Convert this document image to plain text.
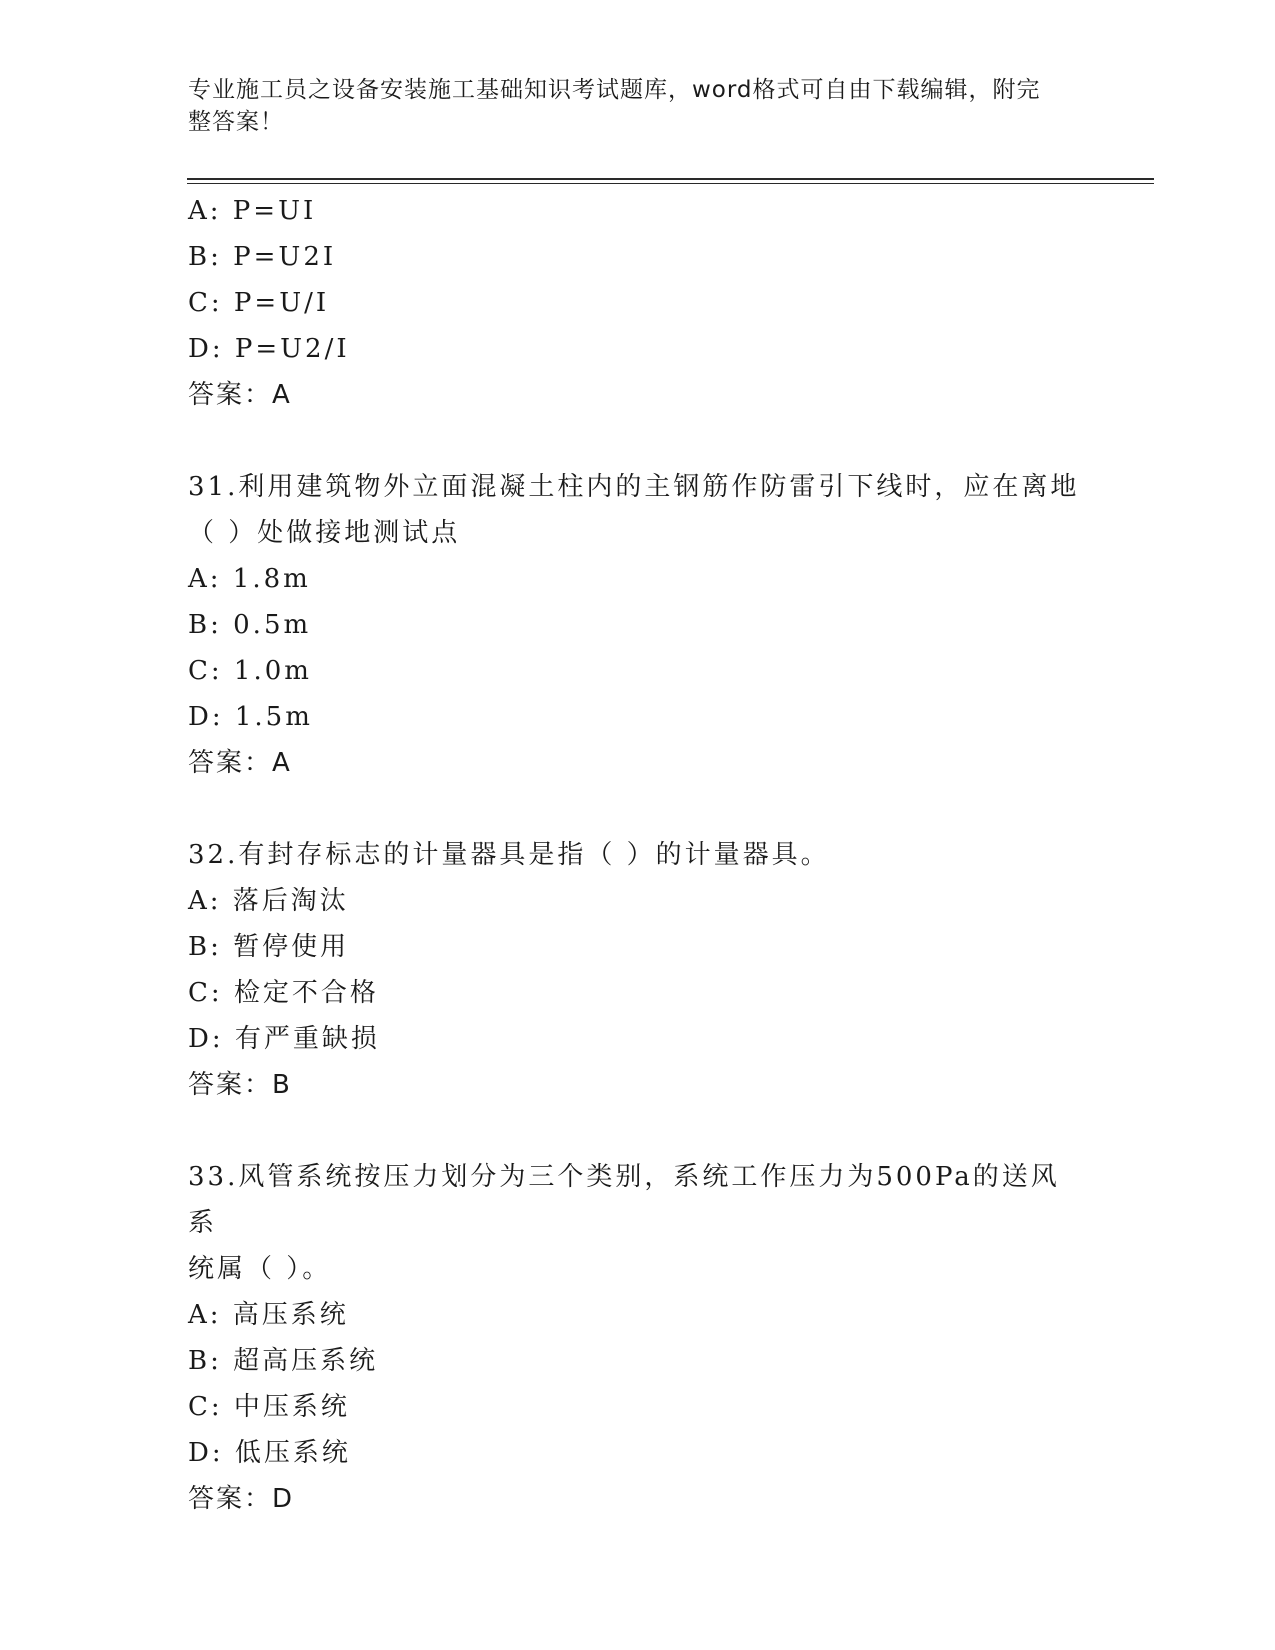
专业施工员之设备安装施工基础知识考试题库，word格式可自由下载编辑，附完
整答案！
A: P=UI
B: P=U2I
C: P=U/I
D: P=U2/I
答案：A
31.利用建筑物外立面混凝土柱内的主钢筋作防雷引下线时，应在离地
（ ）处做接地测试点
A: 1.8m
B: 0.5m
C: 1.0m
D: 1.5m
答案：A
32.有封存标志的计量器具是指（ ）的计量器具。
A: 落后淘汰
B: 暂停使用
C: 检定不合格
D: 有严重缺损
答案：B
33.风管系统按压力划分为三个类别，系统工作压力为500Pa的送风系
统属（ ）。
A: 高压系统
B: 超高压系统
C: 中压系统
D: 低压系统
答案：D
